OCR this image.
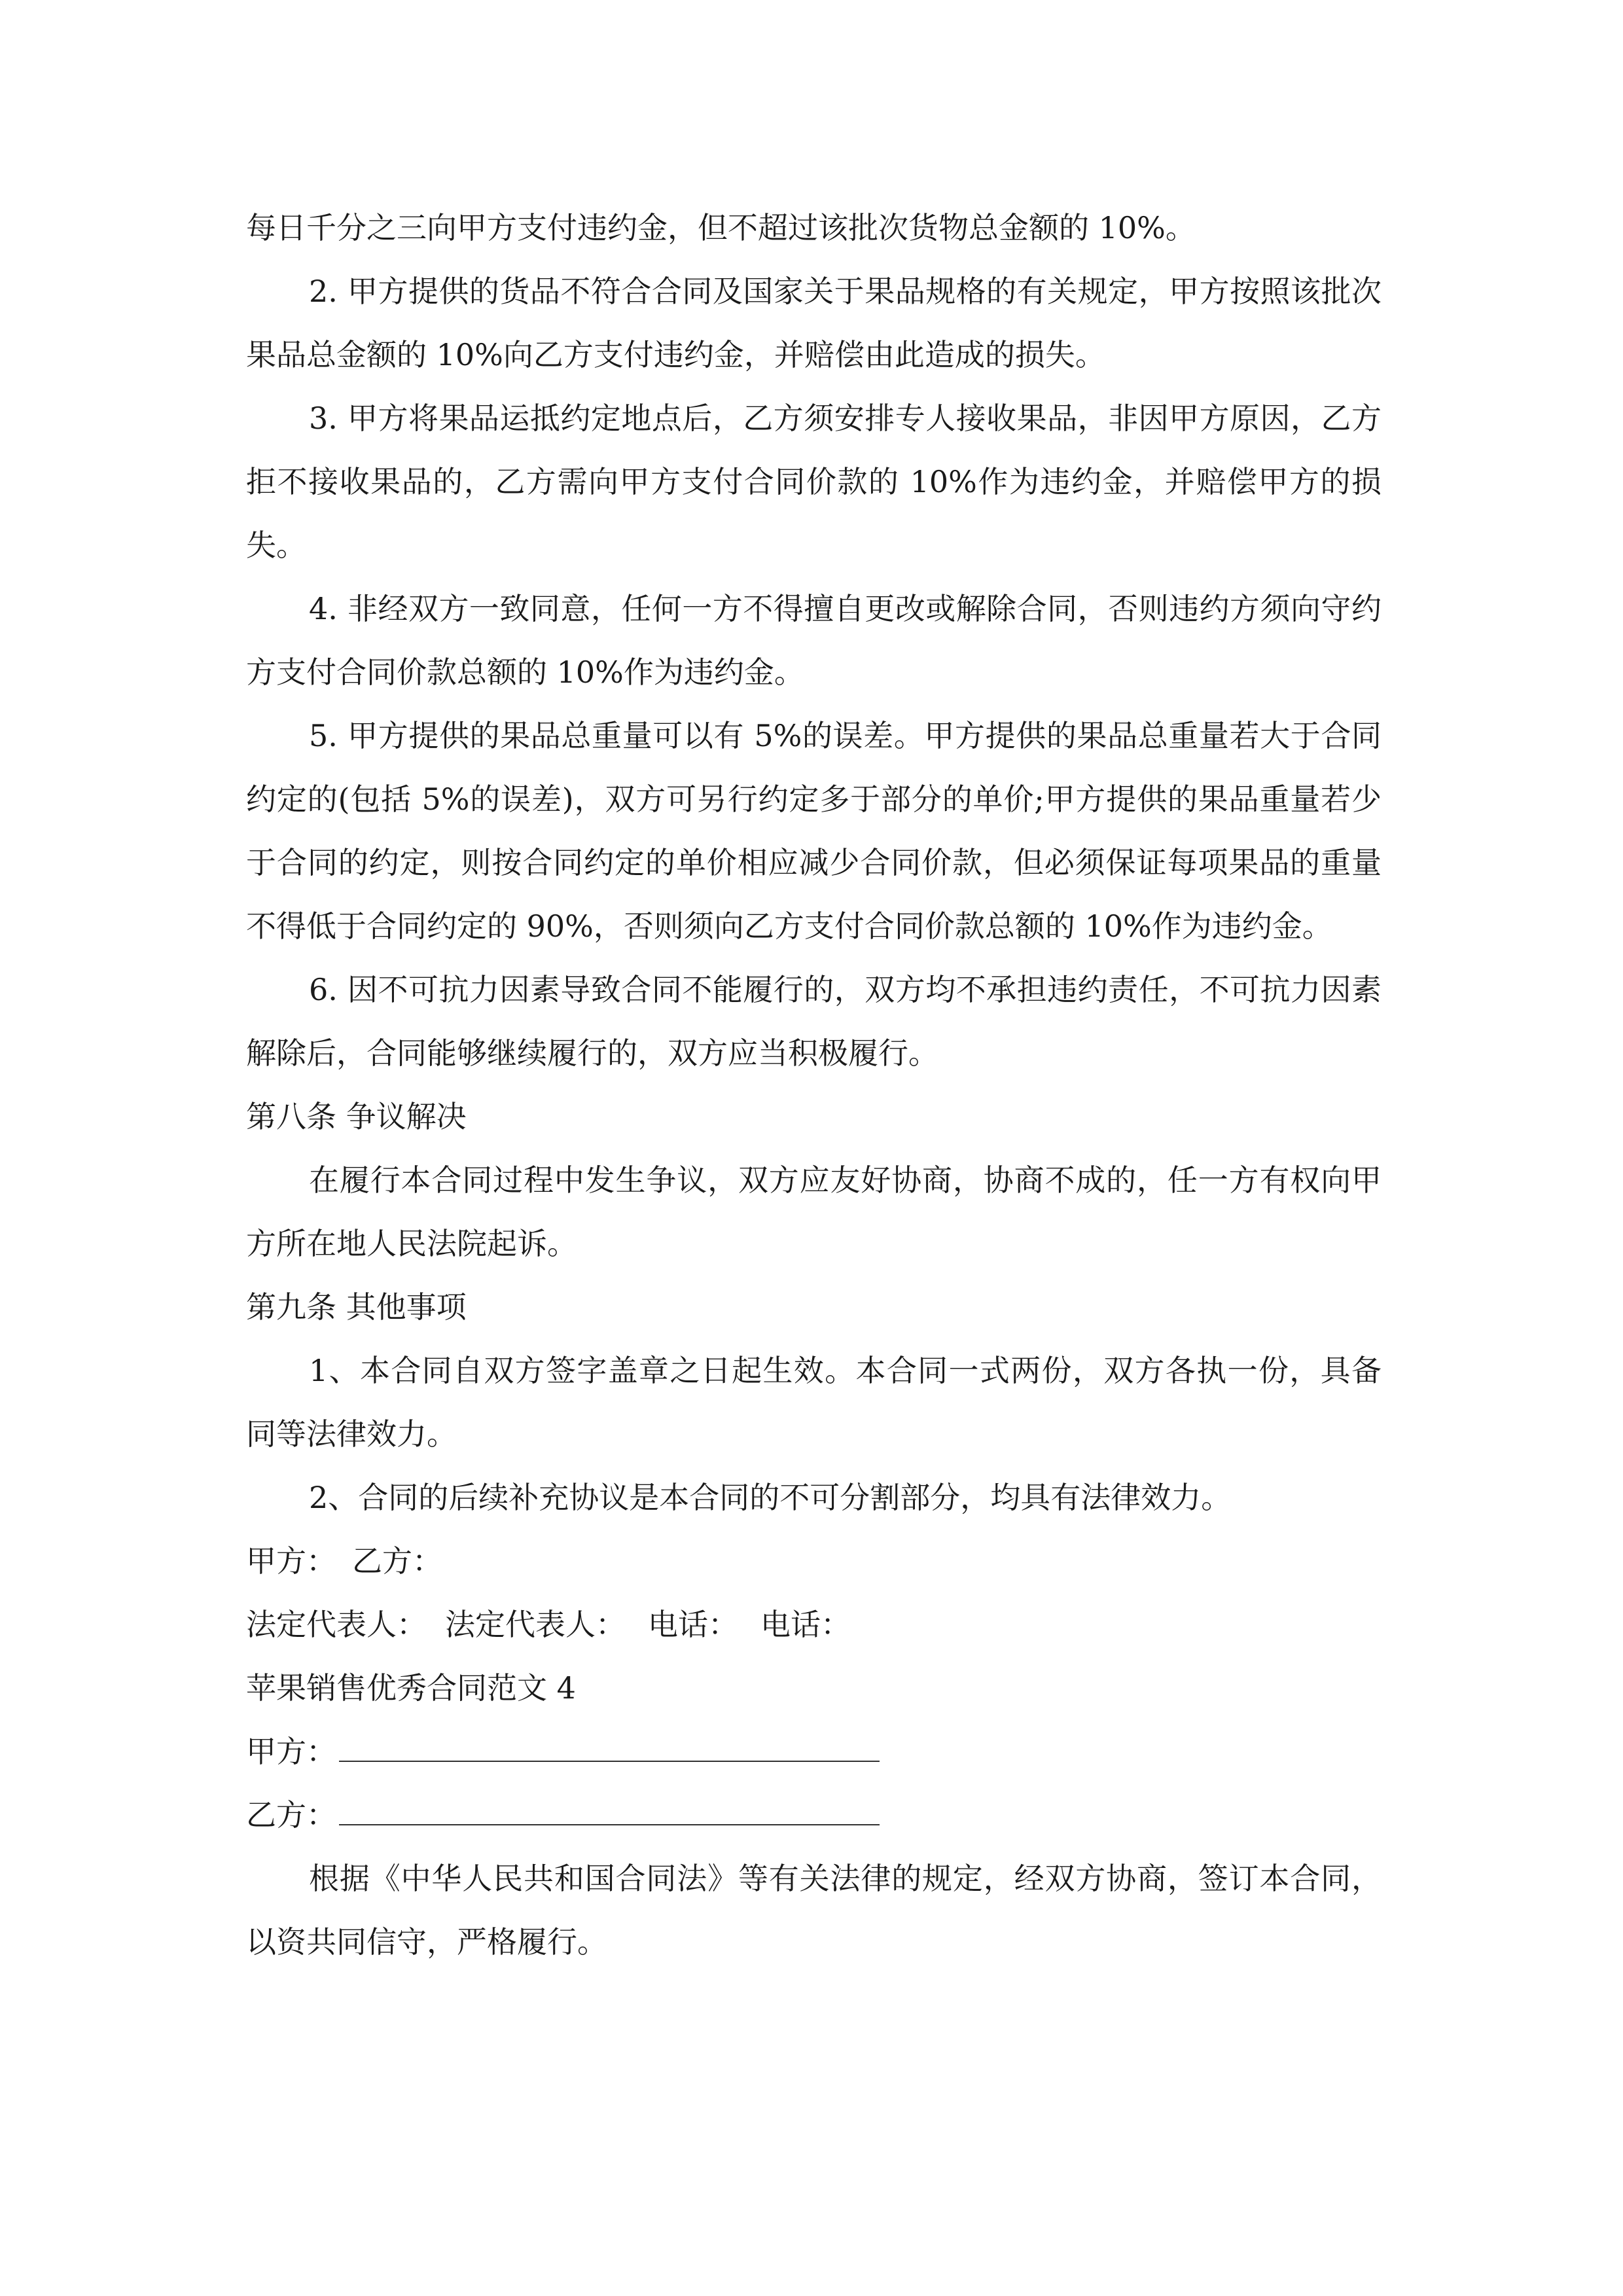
每日千分之三向甲方支付违约金，但不超过该批次货物总金额的 10%。

2. 甲方提供的货品不符合合同及国家关于果品规格的有关规定，甲方按照该批次果品总金额的 10%向乙方支付违约金，并赔偿由此造成的损失。

3. 甲方将果品运抵约定地点后，乙方须安排专人接收果品，非因甲方原因，乙方拒不接收果品的，乙方需向甲方支付合同价款的 10%作为违约金，并赔偿甲方的损失。

4. 非经双方一致同意，任何一方不得擅自更改或解除合同，否则违约方须向守约方支付合同价款总额的 10%作为违约金。

5. 甲方提供的果品总重量可以有 5%的误差。甲方提供的果品总重量若大于合同约定的(包括 5%的误差)，双方可另行约定多于部分的单价;甲方提供的果品重量若少于合同的约定，则按合同约定的单价相应减少合同价款，但必须保证每项果品的重量不得低于合同约定的 90%，否则须向乙方支付合同价款总额的 10%作为违约金。

6. 因不可抗力因素导致合同不能履行的，双方均不承担违约责任，不可抗力因素解除后，合同能够继续履行的，双方应当积极履行。

第八条 争议解决

在履行本合同过程中发生争议，双方应友好协商，协商不成的，任一方有权向甲方所在地人民法院起诉。

第九条 其他事项

1、本合同自双方签字盖章之日起生效。本合同一式两份，双方各执一份，具备同等法律效力。

2、合同的后续补充协议是本合同的不可分割部分，均具有法律效力。

甲方： 乙方：

法定代表人： 法定代表人： 电话： 电话：

苹果销售优秀合同范文 4

甲方：

乙方：

根据《中华人民共和国合同法》等有关法律的规定，经双方协商，签订本合同，以资共同信守，严格履行。
